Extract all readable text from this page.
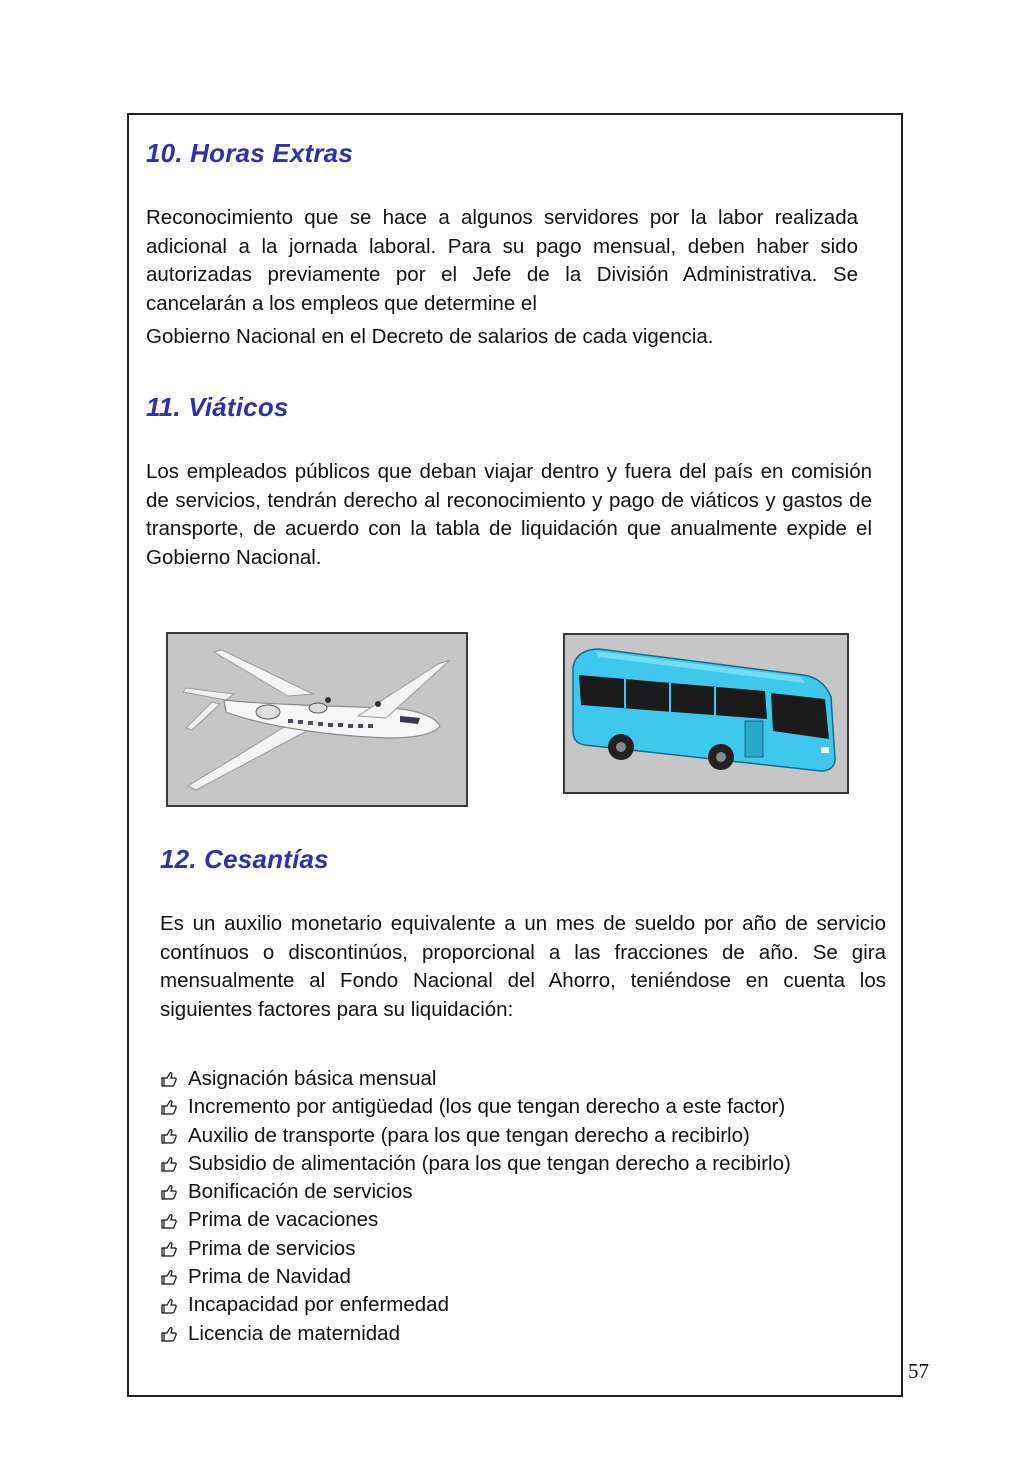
10. Horas Extras

Reconocimiento que se hace a algunos servidores por la labor realizada adicional a la jornada laboral. Para su pago mensual, deben haber sido autorizadas previamente por el Jefe de la División Administrativa. Se cancelarán a los empleos que determine el
Gobierno Nacional en el Decreto de salarios de cada vigencia.

11. Viáticos

Los empleados públicos que deban viajar dentro y fuera del país en comisión de servicios, tendrán derecho al reconocimiento y pago de viáticos y gastos de transporte, de acuerdo con la tabla de liquidación que anualmente expide el Gobierno Nacional.

12. Cesantías

Es un auxilio monetario equivalente a un mes de sueldo por año de servicio contínuos o discontinúos, proporcional a las fracciones de año. Se gira mensualmente al Fondo Nacional del Ahorro, teniéndose en cuenta los siguientes factores para su liquidación:

Asignación básica mensual
Incremento por antigüedad (los que tengan derecho a este factor)
Auxilio de transporte (para los que tengan derecho a recibirlo)
Subsidio de alimentación (para los que tengan derecho a recibirlo)
Bonificación de servicios
Prima de vacaciones
Prima de servicios
Prima de Navidad
Incapacidad por enfermedad
Licencia de maternidad
57
